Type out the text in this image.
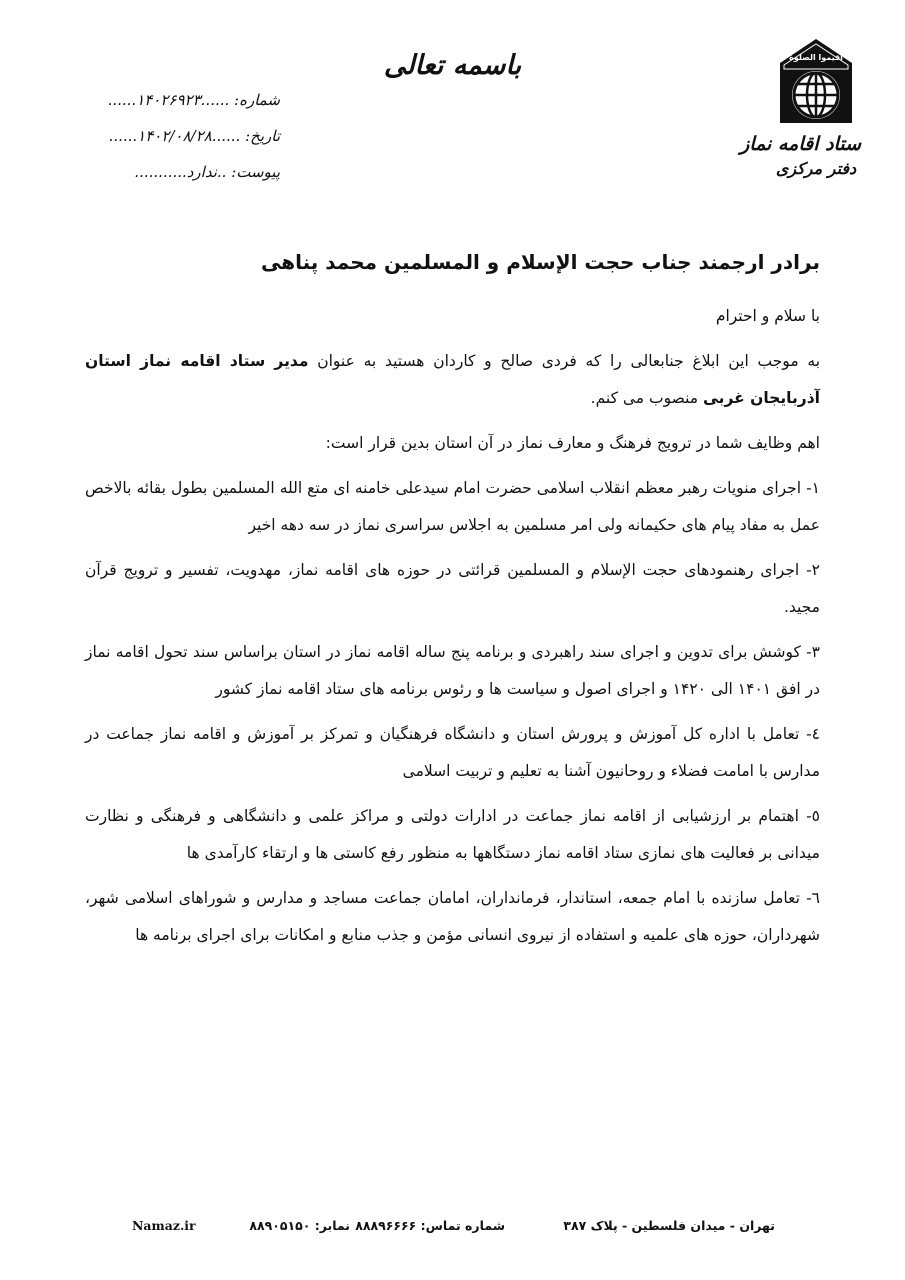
باسمه تعالی
شماره: ......۱۴۰۲۶۹۲۳......
تاریخ: ......۱۴۰۲/۰۸/۲۸......
پیوست: ..ندارد...........
اقیموا الصلوة
ستاد اقامه نماز
دفتر مرکزی
برادر ارجمند جناب حجت الإسلام و المسلمین محمد پناهی

با سلام و احترام

به موجب این ابلاغ جنابعالی را که فردی صالح و کاردان هستید به عنوان مدیر ستاد اقامه نماز استان آذربایجان غربی منصوب می کنم.

اهم وظایف شما در ترویج فرهنگ و معارف نماز در آن استان بدین قرار است:

۱- اجرای منویات رهبر معظم انقلاب اسلامی حضرت امام سیدعلی خامنه ای متع الله المسلمین بطول بقائه بالاخص عمل به مفاد پیام های حکیمانه ولی امر مسلمین به اجلاس سراسری نماز در سه دهه اخیر

۲- اجرای رهنمودهای حجت الإسلام و المسلمین قرائتی در حوزه های اقامه نماز، مهدویت، تفسیر و ترویج قرآن مجید.

۳- کوشش برای تدوین و اجرای سند راهبردی و برنامه پنج ساله اقامه نماز در استان براساس سند تحول اقامه نماز در افق ۱۴۰۱ الی ۱۴۲۰ و اجرای اصول و سیاست ها و رئوس برنامه های ستاد اقامه نماز کشور

٤- تعامل با اداره کل آموزش و پرورش استان و دانشگاه فرهنگیان و تمرکز بر آموزش و اقامه نماز جماعت در مدارس با امامت فضلاء و روحانیون آشنا به تعلیم و تربیت اسلامی

٥- اهتمام بر ارزشیابی از اقامه نماز جماعت در ادارات دولتی و مراکز علمی و دانشگاهی و فرهنگی و نظارت میدانی بر فعالیت های نمازی ستاد اقامه نماز دستگاهها به منظور رفع کاستی ها و ارتقاء کارآمدی ها

٦- تعامل سازنده با امام جمعه، استاندار، فرمانداران، امامان جماعت مساجد و مدارس و شوراهای اسلامی شهر، شهرداران، حوزه های علمیه و استفاده از نیروی انسانی مؤمن و جذب منابع و امکانات برای اجرای برنامه ها

تهران - میدان فلسطین - پلاک ۳۸۷
شماره تماس: ۸۸۸۹۶۶۶۶
نمابر: ۸۸۹۰۵۱۵۰
Namaz.ir
